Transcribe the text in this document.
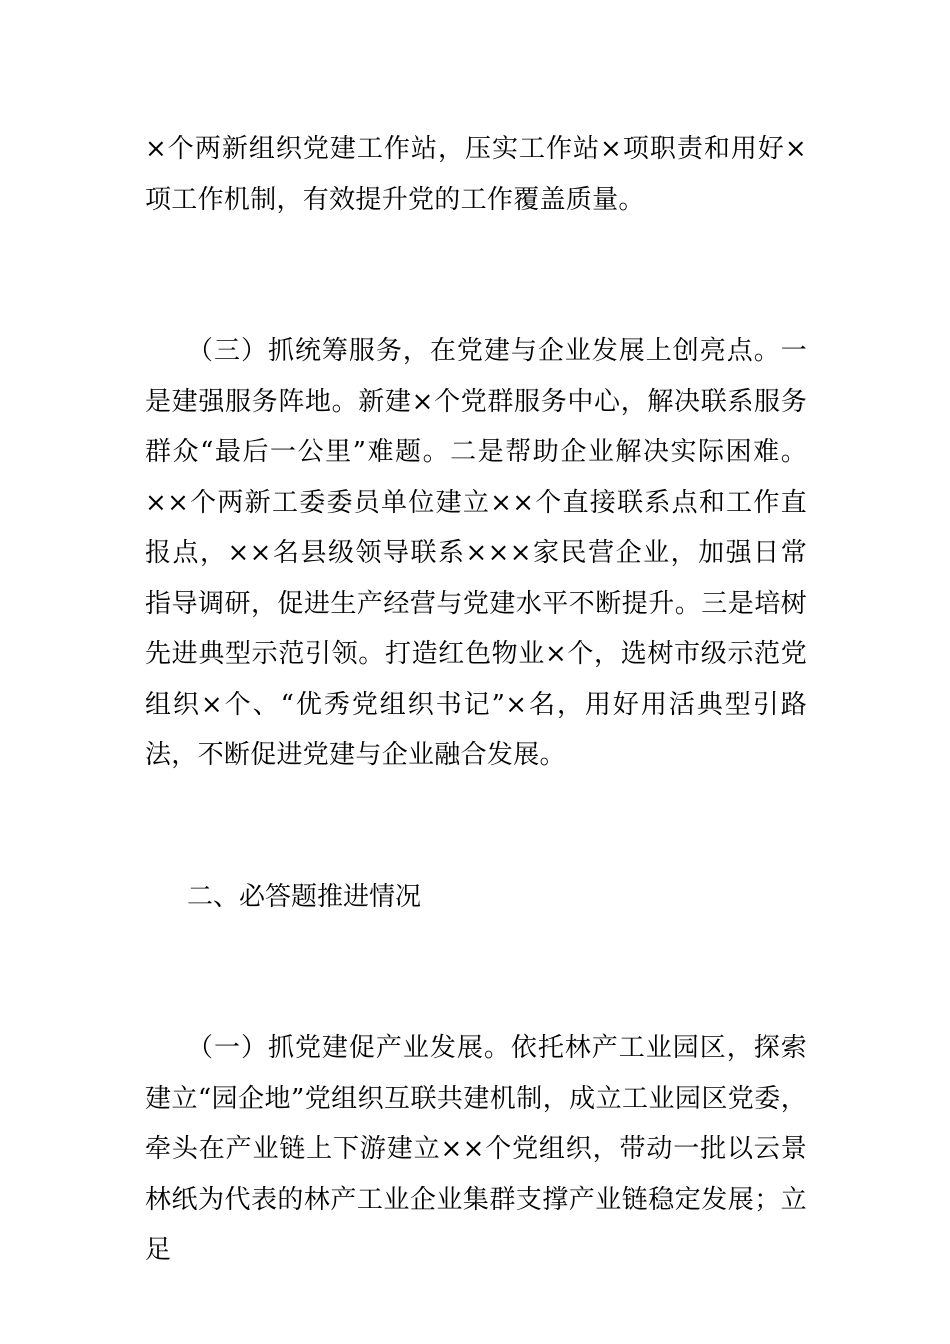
×个两新组织党建工作站，压实工作站×项职责和用好×项工作机制，有效提升党的工作覆盖质量。

（三）抓统筹服务，在党建与企业发展上创亮点。一是建强服务阵地。新建×个党群服务中心，解决联系服务群众“最后一公里”难题。二是帮助企业解决实际困难。××个两新工委委员单位建立××个直接联系点和工作直报点，××名县级领导联系×××家民营企业，加强日常指导调研，促进生产经营与党建水平不断提升。三是培树先进典型示范引领。打造红色物业×个，选树市级示范党组织×个、“优秀党组织书记”×名，用好用活典型引路法，不断促进党建与企业融合发展。

二、必答题推进情况

（一）抓党建促产业发展。依托林产工业园区，探索建立“园企地”党组织互联共建机制，成立工业园区党委，牵头在产业链上下游建立××个党组织，带动一批以云景林纸为代表的林产工业企业集群支撑产业链稳定发展；立足
